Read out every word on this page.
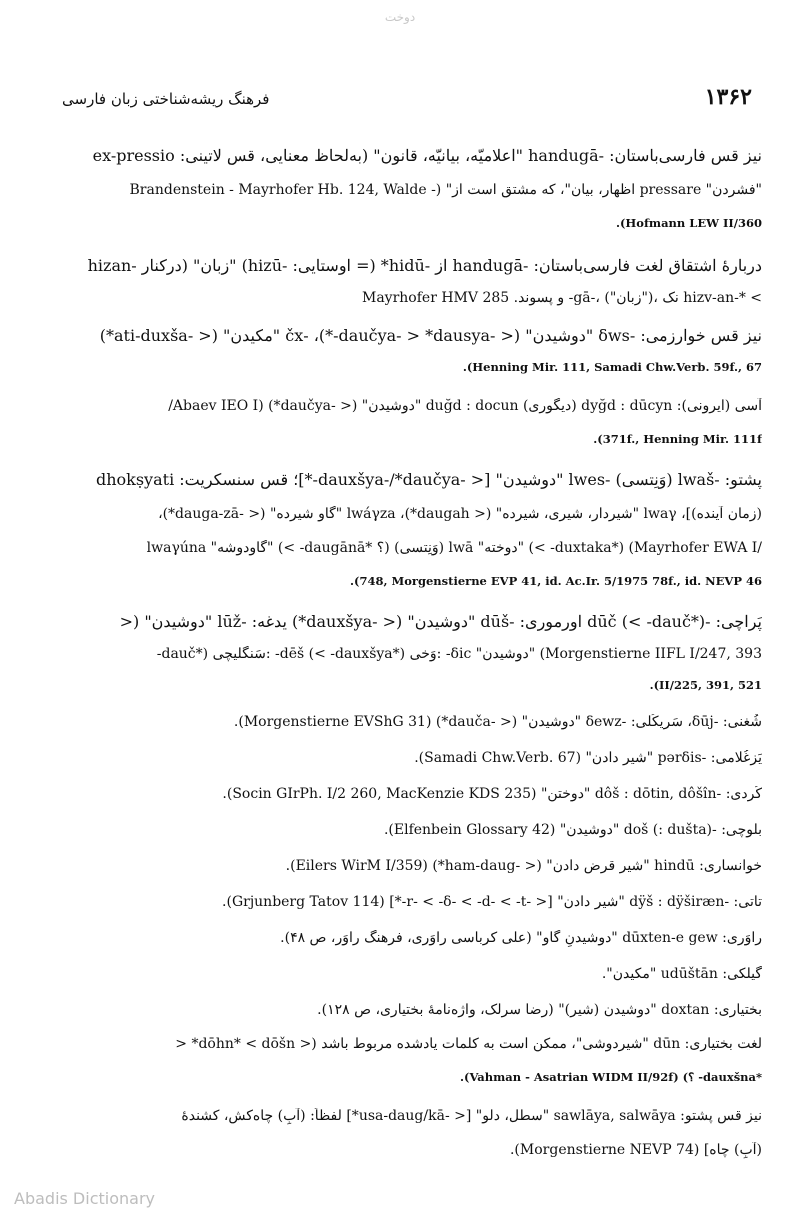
دوخت
۱۳۶۲
فرهنگ ریشه‌شناختی زبان فارسی
نیز قس فارسی‌باستان: -handugā "اعلامیّه، بیانیّه، قانون" (به‌لحاظ معنایی، قس لاتینی: ex-pressio
Brandenstein - Mayrhofer Hb. 124, Walde -) "اظهار، بیان"، که مشتق است از pressare "فشردن"
.(Hofmann LEW II/360
دربارهٔ اشتقاق لغت فارسی‌باستان: -handugā از -hidū* (= اوستایی: -hizū) "زبان" (درکنار -hizan
Mayrhofer HMV 285 .و پسوند -gā-، نک ،("زبان") hizv-an-* <
نیز قس خوارزمی: -δws "دوشیدن" (< -daučya- > *dausya-*)، -čx "مکیدن" (< -ati-duxša*)
.(Henning Mir. 111, Samadi Chw.Verb. 59f., 67
آسی (ایرونی): dyğd : dūcyn (دیگوری) duğd : docun "دوشیدن" (< -daučya*) (Abaev IEO I/
.(371f., Henning Mir. 111f
پشتو: -lwaš (وَنِتسی) -lwes "دوشیدن" [< -dauxšya-/*daučya-*]؛ قس سنسکریت: dhokṣyati
(زمان آینده)]، lwaγ "شیردار، شیری، شیرده" (< daugah*)، lwáγza "گاو شیرده" (< -dauga-zā*)،
lwaγúna "گاودوشه" (< -daugānā* ؟) (وَنِتسی) lwā "دوخته" (< -duxtaka*) (Mayrhofer EWA I/
.(748, Morgenstierne EVP 41, id. Ac.Ir. 5/1975 78f., id. NEVP 46
پَراچی: -dūč (< -dauč*) اورموری: -dūš "دوشیدن" (< -dauxšya*) یدغه: -lūž "دوشیدن" (<
-dauč*) سَنگلیچی: -dēš (< -dauxšya*) وَخی: -δic "دوشیدن" (Morgenstierne IIFL I/247, 393
.(II/225, 391, 521
شُغنی: -δūj، سَریکُلی: -δewz "دوشیدن" (< -dauča*) (Morgenstierne EVShG 31).
یَزغُلامی: -pərδis "شیر دادن" (Samadi Chw.Verb. 67).
کُردی: -dôš : dōtin, dôšîn "دوختن" (Socin GIrPh. I/2 260, MacKenzie KDS 235).
بلوچی: -doš (: dušta) "دوشیدن" (Elfenbein Glossary 42).
خوانساری: hindū "شیر قرض دادن" (< -ham-daug*) (Eilers WirM I/359).
تاتی: -dÿš : dÿširæn "شیر دادن" [< -r- < -δ- < -d- < -t-*] (Grjunberg Tatov 114).
راوَری: dūxten-e gew "دوشیدنِ گاو" (علی کرباسی راوَری، فرهنگ راوَر، ص ۴۸).
گیلکی: udūštān "مکیدن".
بختیاری: doxtan "دوشیدن (شیر)" (رضا سرلک، واژه‌نامهٔ بختیاری، ص ۱۲۸).
لغت بختیاری: dūn "شیردوشی"، ممکن است به کلمات یادشده مربوط باشد (< dōhn* < dōšn* <
.(Vahman - Asatrian WIDM II/92f) (؟ -dauxšna*
نیز قس پشتو: sawlāya, salwāya "سطل، دلو" [< -usa-daug/kā*] لفظاً: (آبِ) چاه‌کش، کشندهٔ
(آبِ) چاه] (Morgenstierne NEVP 74).
Abadis Dictionary
